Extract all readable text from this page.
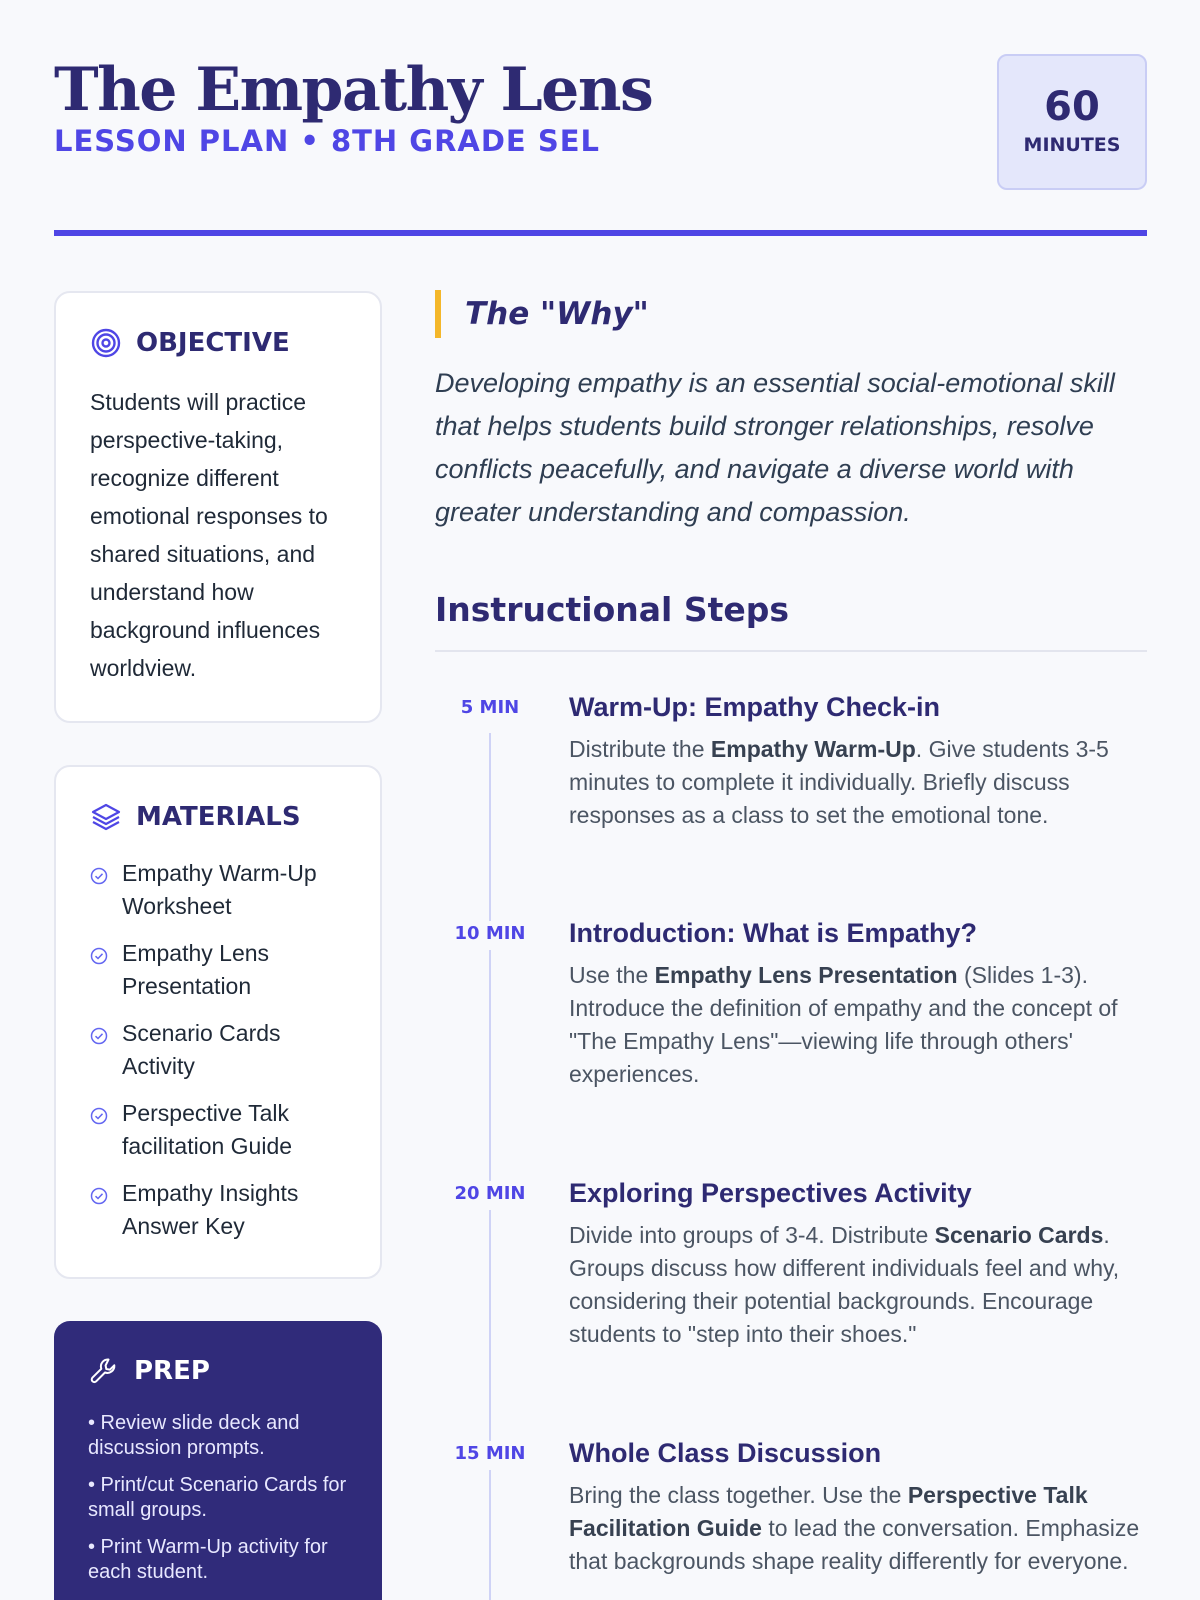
The Empathy Lens
LESSON PLAN • 8TH GRADE SEL
60
MINUTES
OBJECTIVE
Students will practice perspective-taking, recognize different emotional responses to shared situations, and understand how background influences worldview.
MATERIALS
Empathy Warm-Up Worksheet
Empathy Lens Presentation
Scenario Cards Activity
Perspective Talk facilitation Guide
Empathy Insights Answer Key
PREP
• Review slide deck and discussion prompts.
• Print/cut Scenario Cards for small groups.
• Print Warm-Up activity for each student.
The "Why"
Developing empathy is an essential social-emotional skill that helps students build stronger relationships, resolve conflicts peacefully, and navigate a diverse world with greater understanding and compassion.
Instructional Steps
5 MIN	Warm-Up: Empathy Check-in
Distribute the Empathy Warm-Up. Give students 3-5 minutes to complete it individually. Briefly discuss responses as a class to set the emotional tone.
10 MIN	Introduction: What is Empathy?
Use the Empathy Lens Presentation (Slides 1-3). Introduce the definition of empathy and the concept of "The Empathy Lens"—viewing life through others' experiences.
20 MIN	Exploring Perspectives Activity
Divide into groups of 3-4. Distribute Scenario Cards. Groups discuss how different individuals feel and why, considering their potential backgrounds. Encourage students to "step into their shoes."
15 MIN	Whole Class Discussion
Bring the class together. Use the Perspective Talk Facilitation Guide to lead the conversation. Emphasize that backgrounds shape reality differently for everyone.
